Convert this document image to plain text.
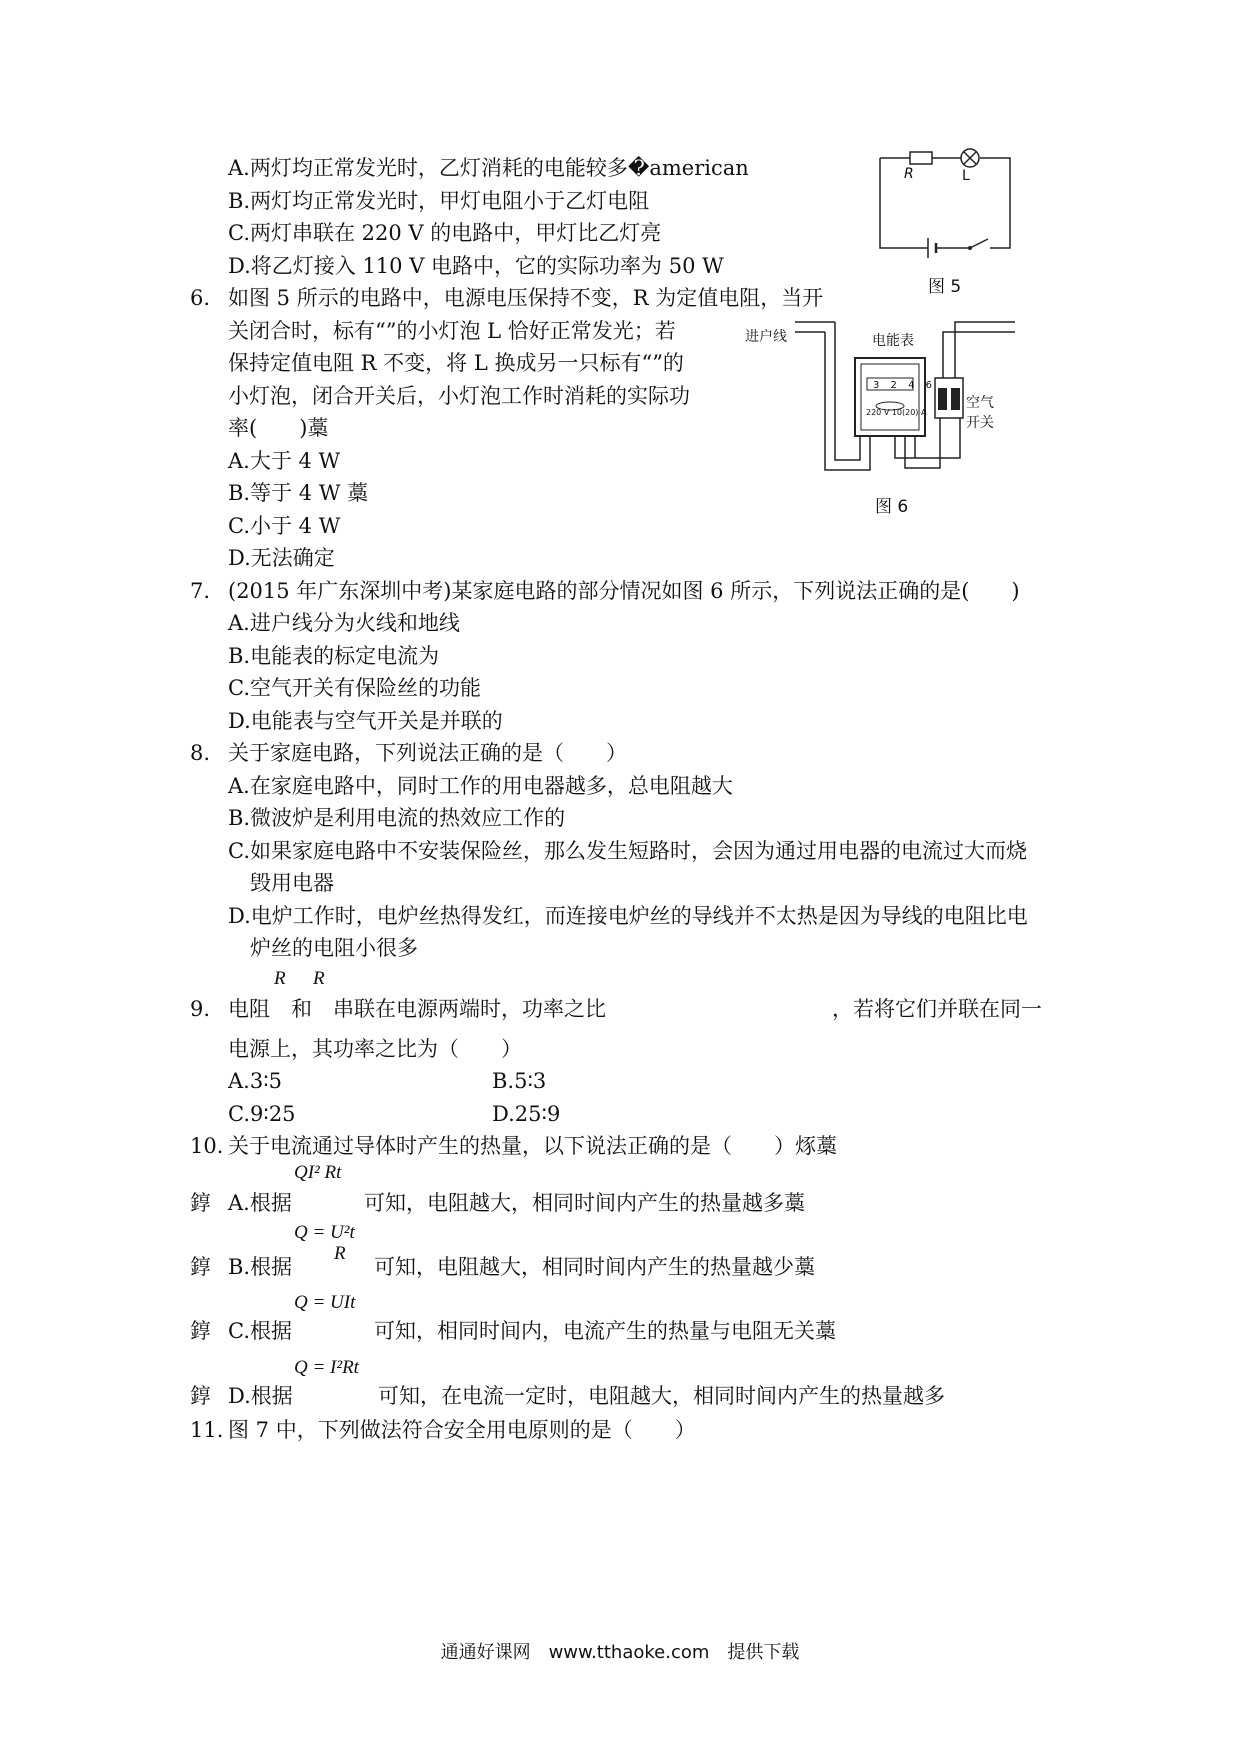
A.两灯均正常发光时，乙灯消耗的电能较多�american
B.两灯均正常发光时，甲灯电阻小于乙灯电阻
C.两灯串联在 220 V 的电路中，甲灯比乙灯亮
D.将乙灯接入 110 V 电路中，它的实际功率为 50 W
R	L
图 5
6. 如图 5 所示的电路中，电源电压保持不变，R 为定值电阻，当开
关闭合时，标有“”的小灯泡 L 恰好正常发光；若
保持定值电阻 R 不变，将 L 换成另一只标有“”的
小灯泡，闭合开关后，小灯泡工作时消耗的实际功
率(　　)藁
A.大于 4 W
B.等于 4 W 藁
C.小于 4 W
D.无法确定
进户线	电能表
3 2 4 6
220 V 10(20) A
空气
开关
图 6
7. (2015 年广东深圳中考)某家庭电路的部分情况如图 6 所示，下列说法正确的是(　　)
A.进户线分为火线和地线
B.电能表的标定电流为
C.空气开关有保险丝的功能
D.电能表与空气开关是并联的
8. 关于家庭电路，下列说法正确的是（　　）
A.在家庭电路中，同时工作的用电器越多，总电阻越大
B.微波炉是利用电流的热效应工作的
C.如果家庭电路中不安装保险丝，那么发生短路时，会因为通过用电器的电流过大而烧
毁用电器
D.电炉工作时，电炉丝热得发红，而连接电炉丝的导线并不太热是因为导线的电阻比电
炉丝的电阻小很多
R R
9. 电阻　和　串联在电源两端时，功率之比	，若将它们并联在同一
电源上，其功率之比为（　　）
A.3∶5	B.5∶3
C.9∶25	D.25∶9
10. 关于电流通过导体时产生的热量，以下说法正确的是（　　）烼藁
錞 A.根据
QI² Rt
可知，电阻越大，相同时间内产生的热量越多藁
錞 B.根据
Q = U²t
R
可知，电阻越大，相同时间内产生的热量越少藁
錞 C.根据
Q = UIt
可知，相同时间内，电流产生的热量与电阻无关藁
錞 D.根据
Q = I²Rt
可知，在电流一定时，电阻越大，相同时间内产生的热量越多
11. 图 7 中，下列做法符合安全用电原则的是（　　）
通通好课网　www.tthaoke.com　提供下载
